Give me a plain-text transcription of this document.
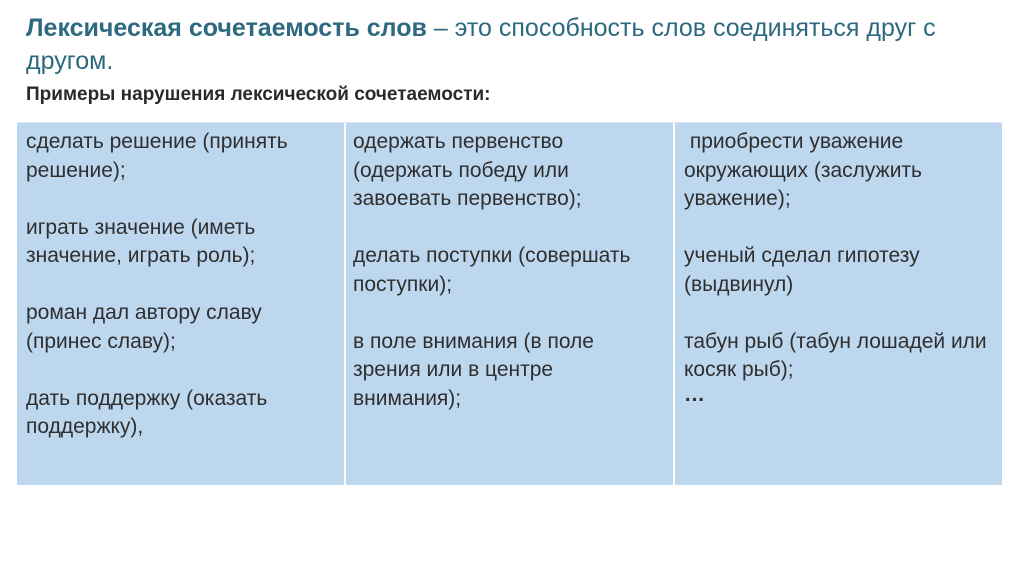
Лексическая сочетаемость слов – это способность слов соединяться друг с другом.
Примеры нарушения лексической сочетаемости:
сделать решение (принять решение);
играть значение (иметь значение, играть роль);
роман дал автору славу (принес славу);
дать поддержку (оказать поддержку),
одержать первенство (одержать победу или завоевать первенство);
делать поступки (совершать поступки);
в поле внимания (в поле зрения или в центре внимания);
приобрести уважение окружающих (заслужить уважение);
ученый сделал гипотезу (выдвинул)
табун рыб (табун лошадей или косяк рыб);
…
